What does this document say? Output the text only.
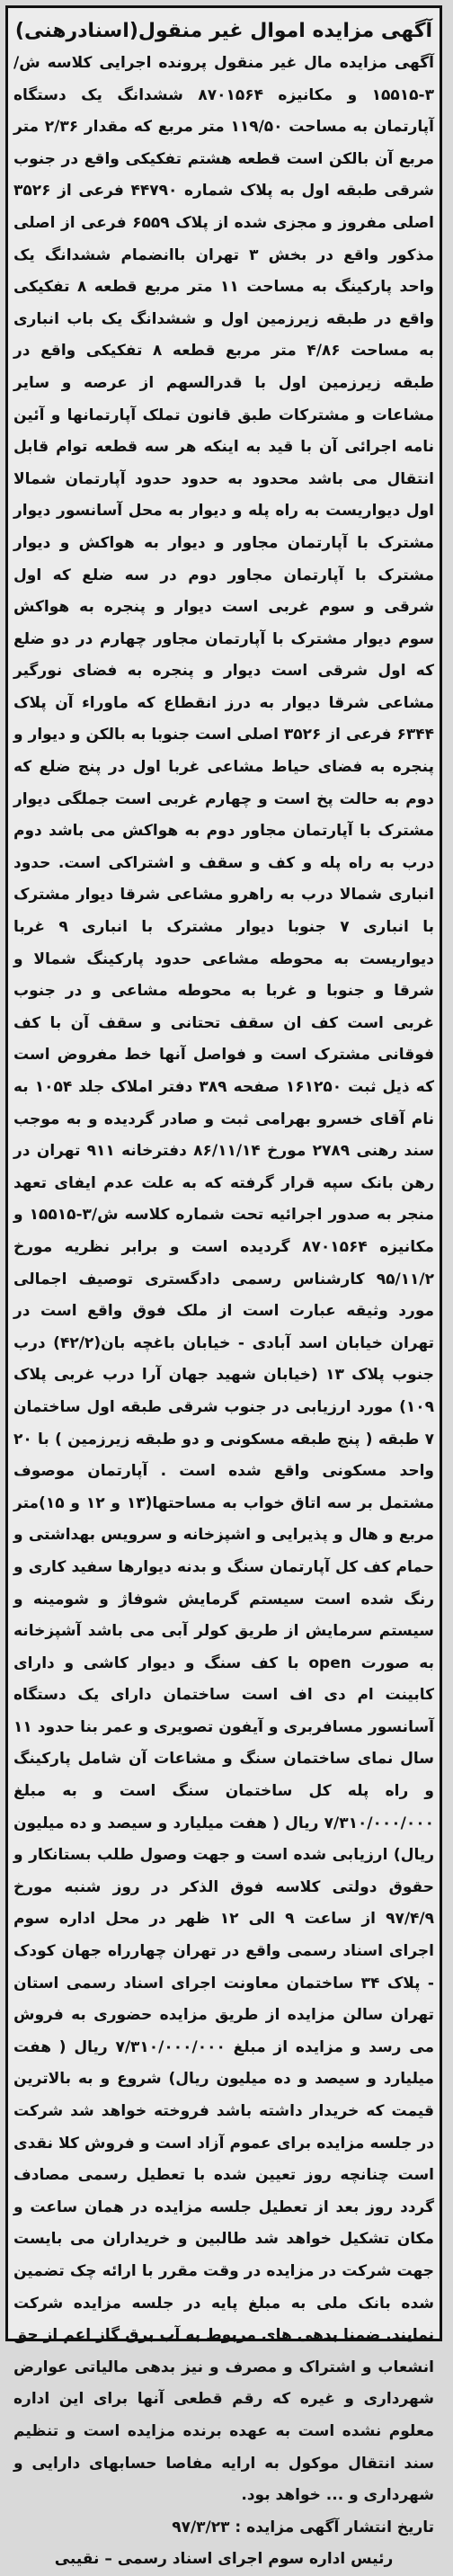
آگهی مزایده اموال غیر منقول(اسنادرهنی)
آگهی مزایده مال غیر منقول پرونده اجرایی کلاسه ش/۳-۱۵۵۱۵ و مکانیزه ۸۷۰۱۵۶۴ ششدانگ یک دستگاه آپارتمان به مساحت ۱۱۹/۵۰ متر مربع که مقدار ۲/۳۶ متر مربع آن بالکن است قطعه هشتم تفکیکی واقع در جنوب شرقی طبقه اول به پلاک شماره ۴۴۷۹۰ فرعی از ۳۵۲۶ اصلی مفروز و مجزی شده از پلاک ۶۵۵۹ فرعی از اصلی مذکور واقع در بخش ۳ تهران باانضمام ششدانگ یک واحد پارکینگ به مساحت ۱۱ متر مربع قطعه ۸ تفکیکی واقع در طبقه زیرزمین اول و ششدانگ یک باب انباری به مساحت ۴/۸۶ متر مربع قطعه ۸ تفکیکی واقع در طبقه زیرزمین اول با قدرالسهم از عرصه و سایر مشاعات و مشترکات طبق قانون تملک آپارتمانها و آئین نامه اجرائی آن با قید به اینکه هر سه قطعه توام قابل انتقال می باشد محدود به حدود حدود آپارتمان شمالا اول دیواریست به راه پله و دیوار به محل آسانسور دیوار مشترک با آپارتمان مجاور و دیوار به هواکش و دیوار مشترک با آپارتمان مجاور دوم در سه ضلع که اول شرقی و سوم غربی است دیوار و پنجره به هواکش سوم دیوار مشترک با آپارتمان مجاور چهارم در دو ضلع که اول شرقی است دیوار و پنجره به فضای نورگیر مشاعی شرقا دیوار به درز انقطاع که ماوراء آن پلاک ۶۳۴۴ فرعی از ۳۵۲۶ اصلی است جنوبا به بالکن و دیوار و پنجره به فضای حیاط مشاعی غربا اول در پنج ضلع که دوم به حالت پخ است و چهارم غربی است جملگی دیوار مشترک با آپارتمان مجاور دوم به هواکش می باشد دوم درب به راه پله و کف و سقف و اشتراکی است. حدود انباری شمالا درب به راهرو مشاعی شرقا دیوار مشترک با انباری ۷ جنوبا دیوار مشترک با انباری ۹ غربا دیواریست به محوطه مشاعی حدود پارکینگ شمالا و شرقا و جنوبا و غربا به محوطه مشاعی و در جنوب غربی است کف ان سقف تحتانی و سقف آن با کف فوقانی مشترک است و فواصل آنها خط مفروض است که ذیل ثبت ۱۶۱۲۵۰ صفحه ۳۸۹ دفتر املاک جلد ۱۰۵۴ به نام آقای خسرو بهرامی ثبت و صادر گردیده و به موجب سند رهنی ۲۷۸۹ مورخ ۸۶/۱۱/۱۴ دفترخانه ۹۱۱ تهران در رهن بانک سپه قرار گرفته که به علت عدم ایفای تعهد منجر به صدور اجرائیه تحت شماره کلاسه ش/۳-۱۵۵۱۵ و مکانیزه ۸۷۰۱۵۶۴ گردیده است و برابر نظریه مورخ ۹۵/۱۱/۲ کارشناس رسمی دادگستری توصیف اجمالی مورد وثیقه عبارت است از ملک فوق واقع است در تهران خیابان اسد آبادی - خیابان باغچه بان(۴۲/۲) درب جنوب پلاک ۱۳ (خیابان شهید جهان آرا درب غربی پلاک ۱۰۹) مورد ارزیابی در جنوب شرقی طبقه اول ساختمان ۷ طبقه ( پنج طبقه مسکونی و دو طبقه زیرزمین ) با ۲۰ واحد مسکونی واقع شده است . آپارتمان موصوف مشتمل بر سه اتاق خواب به مساحتها(۱۳ و ۱۲ و ۱۵)متر مربع و هال و پذیرایی و اشپزخانه و سرویس بهداشتی و حمام کف کل آپارتمان سنگ و بدنه دیوارها سفید کاری و رنگ شده است سیستم گرمایش شوفاژ و شومینه و سیستم سرمایش از طریق کولر آبی می باشد آشپزخانه به صورت open با کف سنگ و دیوار کاشی و دارای کابینت ام دی اف است ساختمان دارای یک دستگاه آسانسور مسافربری و آیفون تصویری و عمر بنا حدود ۱۱ سال نمای ساختمان سنگ و مشاعات آن شامل پارکینگ و راه پله کل ساختمان سنگ است و به مبلغ ۷/۳۱۰/۰۰۰/۰۰۰ ریال ( هفت میلیارد و سیصد و ده میلیون ریال) ارزیابی شده است و جهت وصول طلب بستانکار و حقوق دولتی کلاسه فوق الذکر در روز شنبه مورخ ۹۷/۴/۹ از ساعت ۹ الی ۱۲ ظهر در محل اداره سوم اجرای اسناد رسمی واقع در تهران چهارراه جهان کودک - پلاک ۳۴ ساختمان معاونت اجرای اسناد رسمی استان تهران سالن مزایده از طریق مزایده حضوری به فروش می رسد و مزایده از مبلغ ۷/۳۱۰/۰۰۰/۰۰۰ ریال ( هفت میلیارد و سیصد و ده میلیون ریال) شروع و به بالاترین قیمت که خریدار داشته باشد فروخته خواهد شد شرکت در جلسه مزایده برای عموم آزاد است و فروش کلا نقدی است چنانچه روز تعیین شده با تعطیل رسمی مصادف گردد روز بعد از تعطیل جلسه مزایده در همان ساعت و مکان تشکیل خواهد شد طالبین و خریداران می بایست جهت شرکت در مزایده در وقت مقرر با ارائه چک تضمین شده بانک ملی به مبلغ پایه در جلسه مزایده شرکت نمایند. ضمنا بدهی های مربوط به آب برق گاز اعم از حق انشعاب و اشتراک و مصرف و نیز بدهی مالیاتی عوارض شهرداری و غیره که رقم قطعی آنها برای این اداره معلوم نشده است به عهده برنده مزایده است و تنظیم سند انتقال موکول به ارایه مفاصا حسابهای دارایی و شهرداری و ... خواهد بود.
تاریخ انتشار آگهی مزایده : ۹۷/۳/۲۳
رئیس اداره سوم اجرای اسناد رسمی – نقیبی
